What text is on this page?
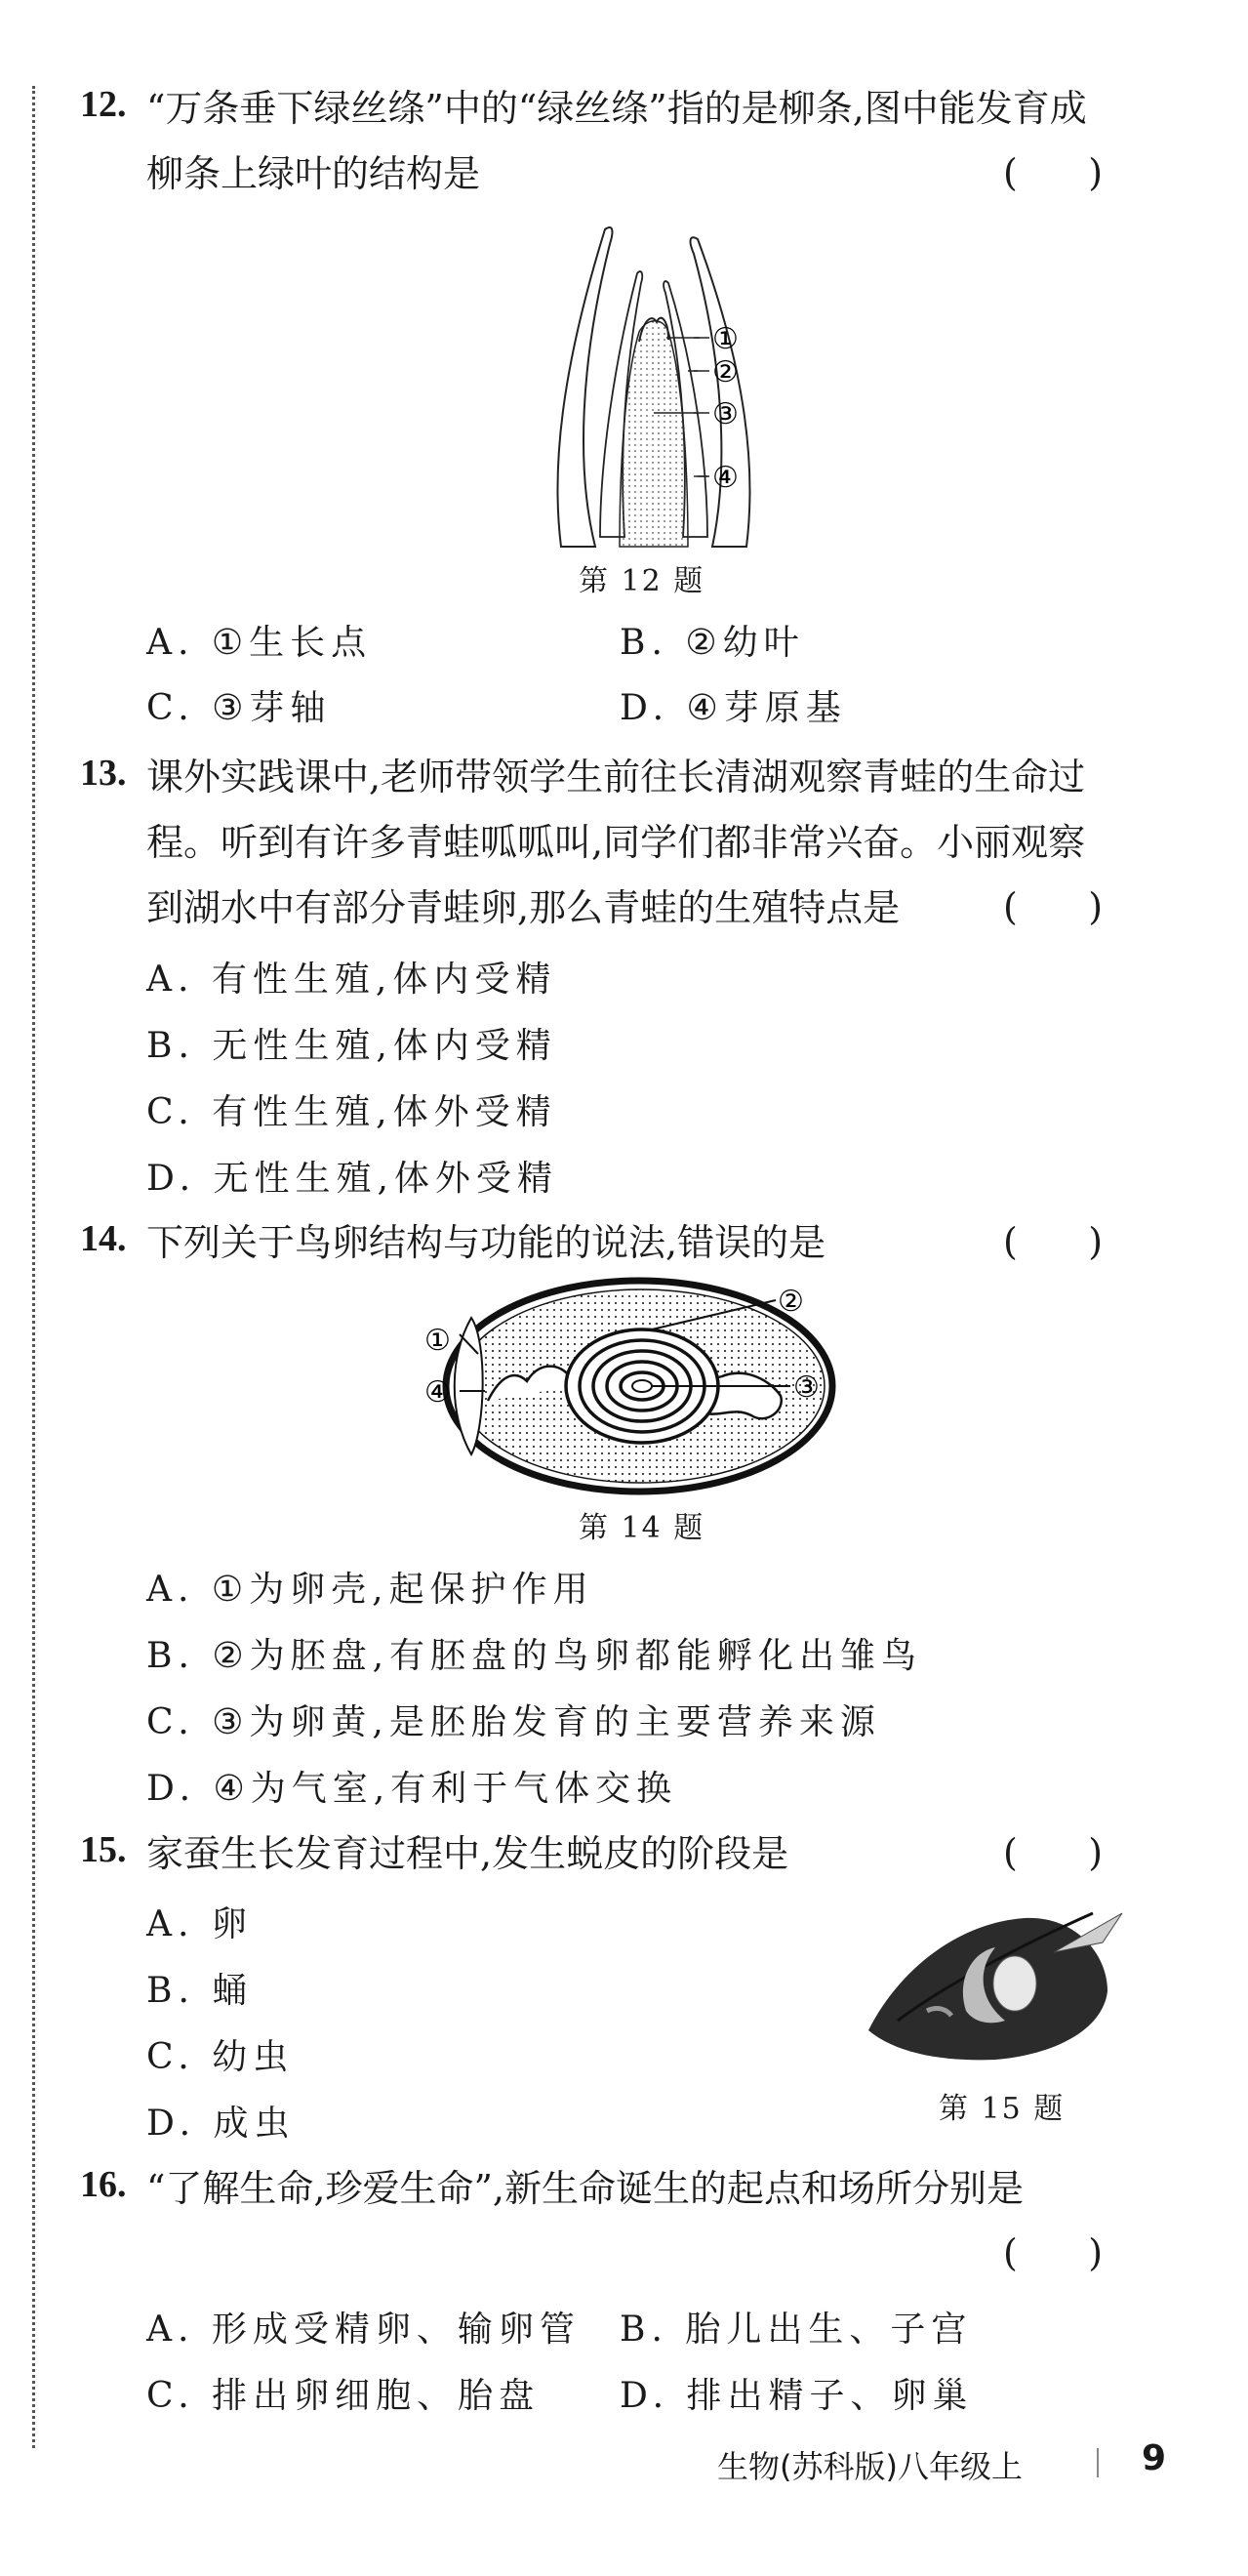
12. “万条垂下绿丝绦”中的“绿丝绦”指的是柳条,图中能发育成
柳条上绿叶的结构是	(      )
①
②
③
④
第 12 题
A. ①生长点	B. ②幼叶
C. ③芽轴	D. ④芽原基
13. 课外实践课中,老师带领学生前往长清湖观察青蛙的生命过
程。听到有许多青蛙呱呱叫,同学们都非常兴奋。小丽观察
到湖水中有部分青蛙卵,那么青蛙的生殖特点是	(      )
A. 有性生殖,体内受精
B. 无性生殖,体内受精
C. 有性生殖,体外受精
D. 无性生殖,体外受精
14. 下列关于鸟卵结构与功能的说法,错误的是	(      )
②
③
①
④
第 14 题
A. ①为卵壳,起保护作用
B. ②为胚盘,有胚盘的鸟卵都能孵化出雏鸟
C. ③为卵黄,是胚胎发育的主要营养来源
D. ④为气室,有利于气体交换
15. 家蚕生长发育过程中,发生蜕皮的阶段是	(      )
A. 卵
B. 蛹
C. 幼虫
D. 成虫	第 15 题
16. “了解生命,珍爱生命”,新生命诞生的起点和场所分别是
(      )
A. 形成受精卵、输卵管 B. 胎儿出生、子宫
C. 排出卵细胞、胎盘 D. 排出精子、卵巢
生物(苏科版)八年级上	9
